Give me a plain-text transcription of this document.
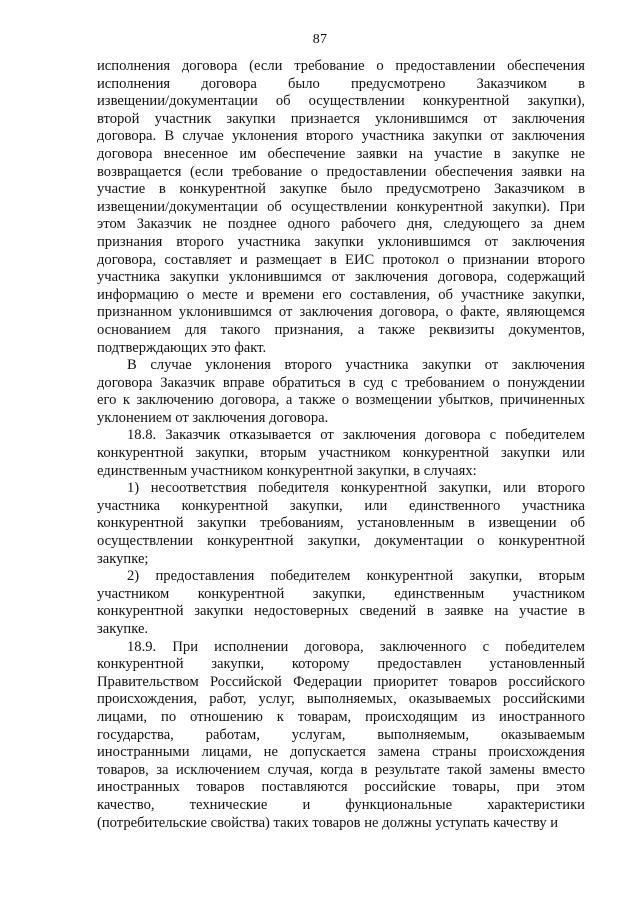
87
исполнения договора (если требование о предоставлении обеспечения
исполнения договора было предусмотрено Заказчиком в
извещении/документации об осуществлении конкурентной закупки),
второй участник закупки признается уклонившимся от заключения
договора. В случае уклонения второго участника закупки от заключения
договора внесенное им обеспечение заявки на участие в закупке не
возвращается (если требование о предоставлении обеспечения заявки на
участие в конкурентной закупке было предусмотрено Заказчиком в
извещении/документации об осуществлении конкурентной закупки). При
этом Заказчик не позднее одного рабочего дня, следующего за днем
признания второго участника закупки уклонившимся от заключения
договора, составляет и размещает в ЕИС протокол о признании второго
участника закупки уклонившимся от заключения договора, содержащий
информацию о месте и времени его составления, об участнике закупки,
признанном уклонившимся от заключения договора, о факте, являющемся
основанием для такого признания, а также реквизиты документов,
подтверждающих это факт.
В случае уклонения второго участника закупки от заключения
договора Заказчик вправе обратиться в суд с требованием о понуждении
его к заключению договора, а также о возмещении убытков, причиненных
уклонением от заключения договора.
18.8. Заказчик отказывается от заключения договора с победителем
конкурентной закупки, вторым участником конкурентной закупки или
единственным участником конкурентной закупки, в случаях:
1) несоответствия победителя конкурентной закупки, или второго
участника конкурентной закупки, или единственного участника
конкурентной закупки требованиям, установленным в извещении об
осуществлении конкурентной закупки, документации о конкурентной
закупке;
2) предоставления победителем конкурентной закупки, вторым
участником конкурентной закупки, единственным участником
конкурентной закупки недостоверных сведений в заявке на участие в
закупке.
18.9. При исполнении договора, заключенного с победителем
конкурентной закупки, которому предоставлен установленный
Правительством Российской Федерации приоритет товаров российского
происхождения, работ, услуг, выполняемых, оказываемых российскими
лицами, по отношению к товарам, происходящим из иностранного
государства, работам, услугам, выполняемым, оказываемым
иностранными лицами, не допускается замена страны происхождения
товаров, за исключением случая, когда в результате такой замены вместо
иностранных товаров поставляются российские товары, при этом
качество, технические и функциональные характеристики
(потребительские свойства) таких товаров не должны уступать качеству и
